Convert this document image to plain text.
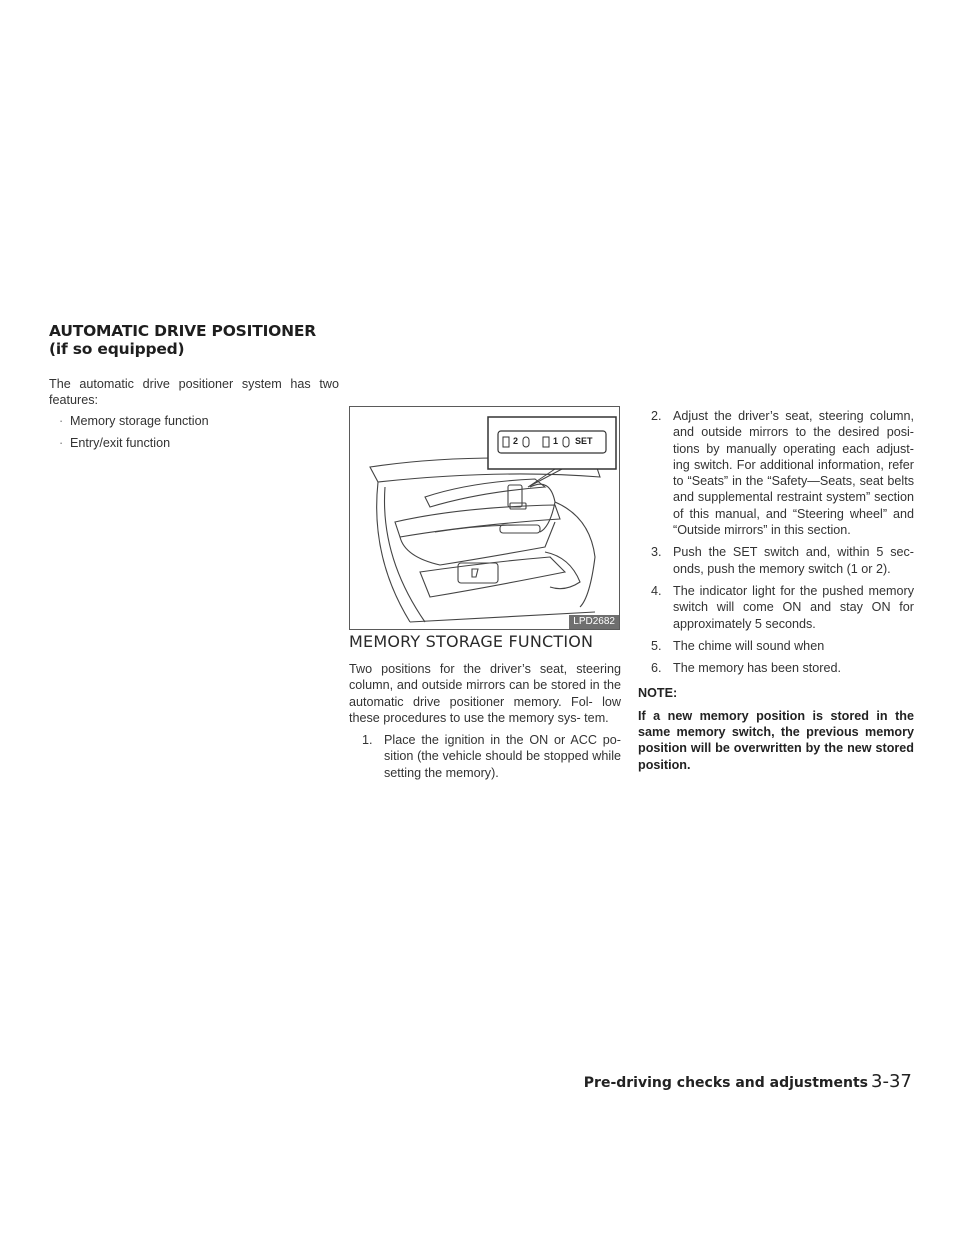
AUTOMATIC DRIVE POSITIONER
(if so equipped)

The automatic drive positioner system has two features:

· Memory storage function
· Entry/exit function	2	1 SET
LPD2682
MEMORY STORAGE FUNCTION

Two positions for the driver’s seat, steering column, and outside mirrors can be stored in the automatic drive positioner memory. Fol- low these procedures to use the memory sys- tem.

1. Place the ignition in the ON or ACC po- sition (the vehicle should be stopped while setting the memory).
2. Adjust the driver’s seat, steering column, and outside mirrors to the desired posi- tions by manually operating each adjust- ing switch. For additional information, refer to “Seats” in the “Safety—Seats, seat belts and supplemental restraint system” section of this manual, and “Steering wheel” and “Outside mirrors” in this section.
3. Push the SET switch and, within 5 sec- onds, push the memory switch (1 or 2).
4. The indicator light for the pushed memory switch will come ON and stay ON for approximately 5 seconds.
5. The chime will sound when
6. The memory has been stored.
NOTE:

If a new memory position is stored in the same memory switch, the previous memory position will be overwritten by the new stored position.

Pre-driving checks and adjustments 3-37
